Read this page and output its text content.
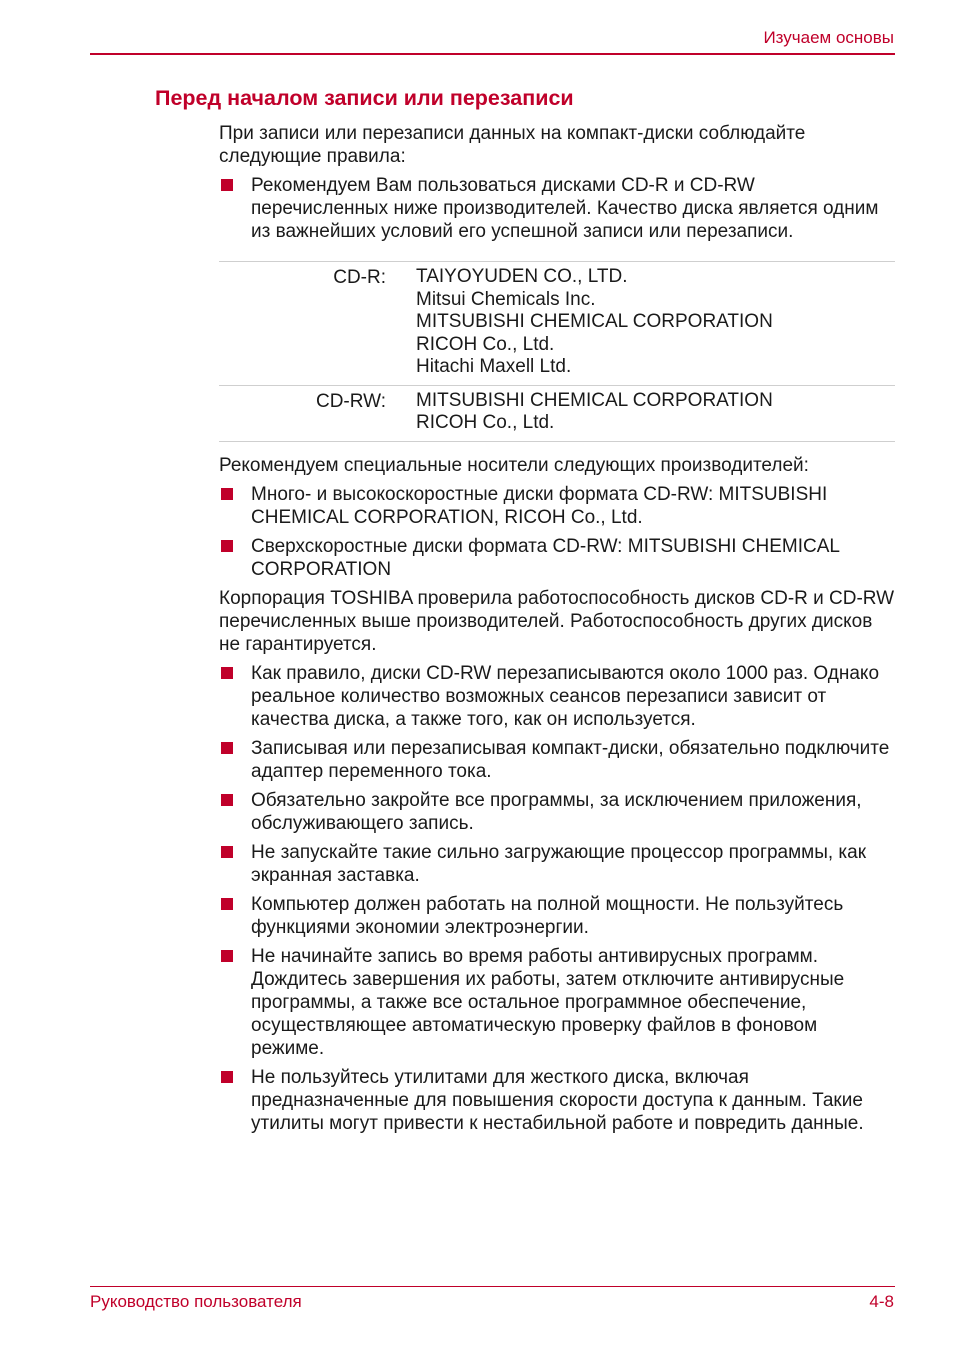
Изучаем основы
Перед началом записи или перезаписи

При записи или перезаписи данных на компакт-диски соблюдайте следующие правила:

Рекомендуем Вам пользоваться дисками CD-R и CD-RW перечисленных ниже производителей. Качество диска является одним из важнейших условий его успешной записи или перезаписи.
CD-R:	TAIYOYUDEN CO., LTD.
Mitsui Chemicals Inc.
MITSUBISHI CHEMICAL CORPORATION
RICOH Co., Ltd.
Hitachi Maxell Ltd.
CD-RW:	MITSUBISHI CHEMICAL CORPORATION
RICOH Co., Ltd.

Рекомендуем специальные носители следующих производителей:

Много- и высокоскоростные диски формата CD-RW: MITSUBISHI CHEMICAL CORPORATION, RICOH Co., Ltd.
Сверхскоростные диски формата CD-RW: MITSUBISHI CHEMICAL CORPORATION

Корпорация TOSHIBA проверила работоспособность дисков CD-R и CD-RW перечисленных выше производителей. Работоспособность других дисков не гарантируется.

Как правило, диски CD-RW перезаписываются около 1000 раз. Однако реальное количество возможных сеансов перезаписи зависит от качества диска, а также того, как он используется.
Записывая или перезаписывая компакт-диски, обязательно подключите адаптер переменного тока.
Обязательно закройте все программы, за исключением приложения, обслуживающего запись.
Не запускайте такие сильно загружающие процессор программы, как экранная заставка.
Компьютер должен работать на полной мощности. Не пользуйтесь функциями экономии электроэнергии.
Не начинайте запись во время работы антивирусных программ. Дождитесь завершения их работы, затем отключите антивирусные программы, а также все остальное программное обеспечение, осуществляющее автоматическую проверку файлов в фоновом режиме.
Не пользуйтесь утилитами для жесткого диска, включая предназначенные для повышения скорости доступа к данным. Такие утилиты могут привести к нестабильной работе и повредить данные.
Руководство пользователя	4-8
